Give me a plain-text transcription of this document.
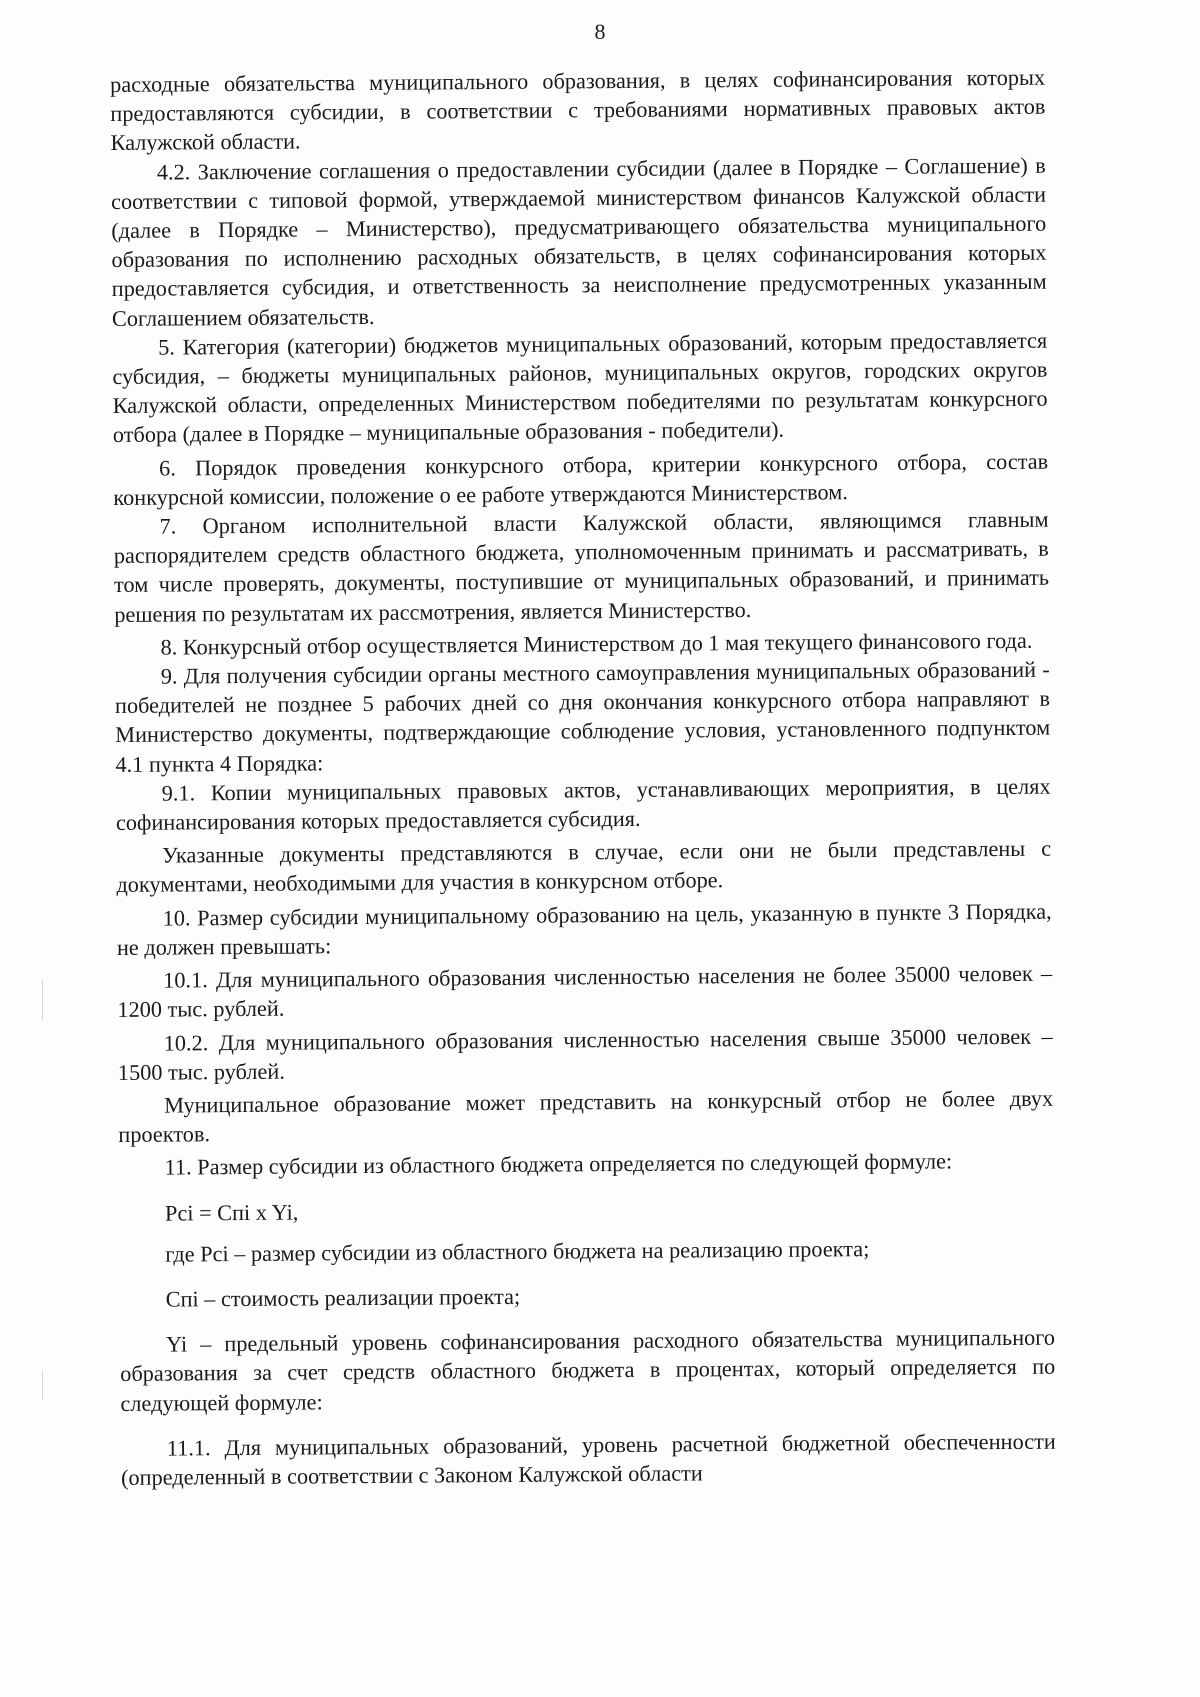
8

расходные обязательства муниципального образования, в целях софинансирования которых предоставляются субсидии, в соответствии с требованиями нормативных правовых актов Калужской области.

4.2. Заключение соглашения о предоставлении субсидии (далее в Порядке – Соглашение) в соответствии с типовой формой, утверждаемой министерством финансов Калужской области (далее в Порядке – Министерство), предусматривающего обязательства муниципального образования по исполнению расходных обязательств, в целях софинансирования которых предоставляется субсидия, и ответственность за неисполнение предусмотренных указанным Соглашением обязательств.

5. Категория (категории) бюджетов муниципальных образований, которым предоставляется субсидия, – бюджеты муниципальных районов, муниципальных округов, городских округов Калужской области, определенных Министерством победителями по результатам конкурсного отбора (далее в Порядке – муниципальные образования - победители).

6. Порядок проведения конкурсного отбора, критерии конкурсного отбора, состав конкурсной комиссии, положение о ее работе утверждаются Министерством.

7. Органом исполнительной власти Калужской области, являющимся главным распорядителем средств областного бюджета, уполномоченным принимать и рассматривать, в том числе проверять, документы, поступившие от муниципальных образований, и принимать решения по результатам их рассмотрения, является Министерство.

8. Конкурсный отбор осуществляется Министерством до 1 мая текущего финансового года.

9. Для получения субсидии органы местного самоуправления муниципальных образований - победителей не позднее 5 рабочих дней со дня окончания конкурсного отбора направляют в Министерство документы, подтверждающие соблюдение условия, установленного подпунктом 4.1 пункта 4 Порядка:

9.1. Копии муниципальных правовых актов, устанавливающих мероприятия, в целях софинансирования которых предоставляется субсидия.

Указанные документы представляются в случае, если они не были представлены с документами, необходимыми для участия в конкурсном отборе.

10. Размер субсидии муниципальному образованию на цель, указанную в пункте 3 Порядка, не должен превышать:

10.1. Для муниципального образования численностью населения не более 35000 человек – 1200 тыс. рублей.

10.2. Для муниципального образования численностью населения свыше 35000 человек – 1500 тыс. рублей.

Муниципальное образование может представить на конкурсный отбор не более двух проектов.

11. Размер субсидии из областного бюджета определяется по следующей формуле:

Pci = Cпi x Yi,

где Pci – размер субсидии из областного бюджета на реализацию проекта;

Cпi – стоимость реализации проекта;

Yi – предельный уровень софинансирования расходного обязательства муниципального образования за счет средств областного бюджета в процентах, который определяется по следующей формуле:

11.1. Для муниципальных образований, уровень расчетной бюджетной обеспеченности (определенный в соответствии с Законом Калужской области
